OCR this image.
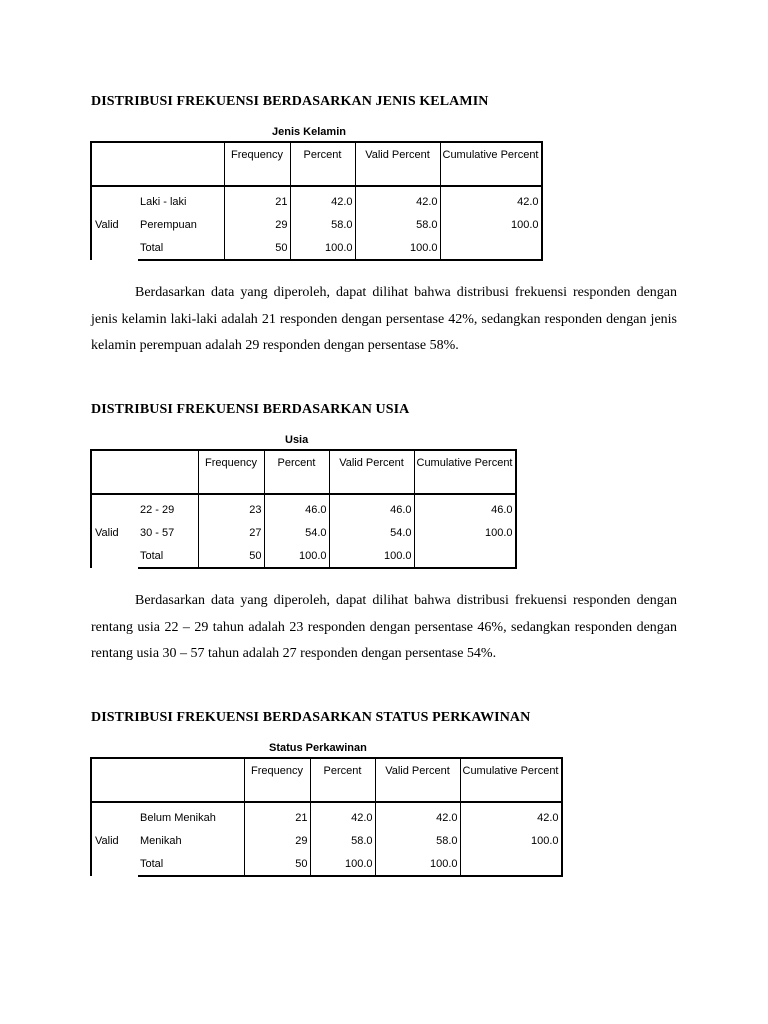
DISTRIBUSI FREKUENSI BERDASARKAN JENIS KELAMIN
Jenis Kelamin
		Frequency	Percent	Valid Percent	Cumulative Percent
Valid	Laki - laki	21	42.0	42.0	42.0
	Perempuan	29	58.0	58.0	100.0
	Total	50	100.0	100.0	
Berdasarkan data yang diperoleh, dapat dilihat bahwa distribusi frekuensi responden dengan jenis kelamin laki-laki adalah 21 responden dengan persentase 42%, sedangkan responden dengan jenis kelamin perempuan adalah 29 responden dengan persentase 58%.
DISTRIBUSI FREKUENSI BERDASARKAN USIA
Usia
		Frequency	Percent	Valid Percent	Cumulative Percent
Valid	22 - 29	23	46.0	46.0	46.0
	30 - 57	27	54.0	54.0	100.0
	Total	50	100.0	100.0	
Berdasarkan data yang diperoleh, dapat dilihat bahwa distribusi frekuensi responden dengan rentang usia 22 – 29 tahun adalah 23 responden dengan persentase 46%, sedangkan responden dengan rentang usia 30 – 57 tahun adalah 27 responden dengan persentase 54%.
DISTRIBUSI FREKUENSI BERDASARKAN STATUS PERKAWINAN
Status Perkawinan
		Frequency	Percent	Valid Percent	Cumulative Percent
Valid	Belum Menikah	21	42.0	42.0	42.0
	Menikah	29	58.0	58.0	100.0
	Total	50	100.0	100.0	
